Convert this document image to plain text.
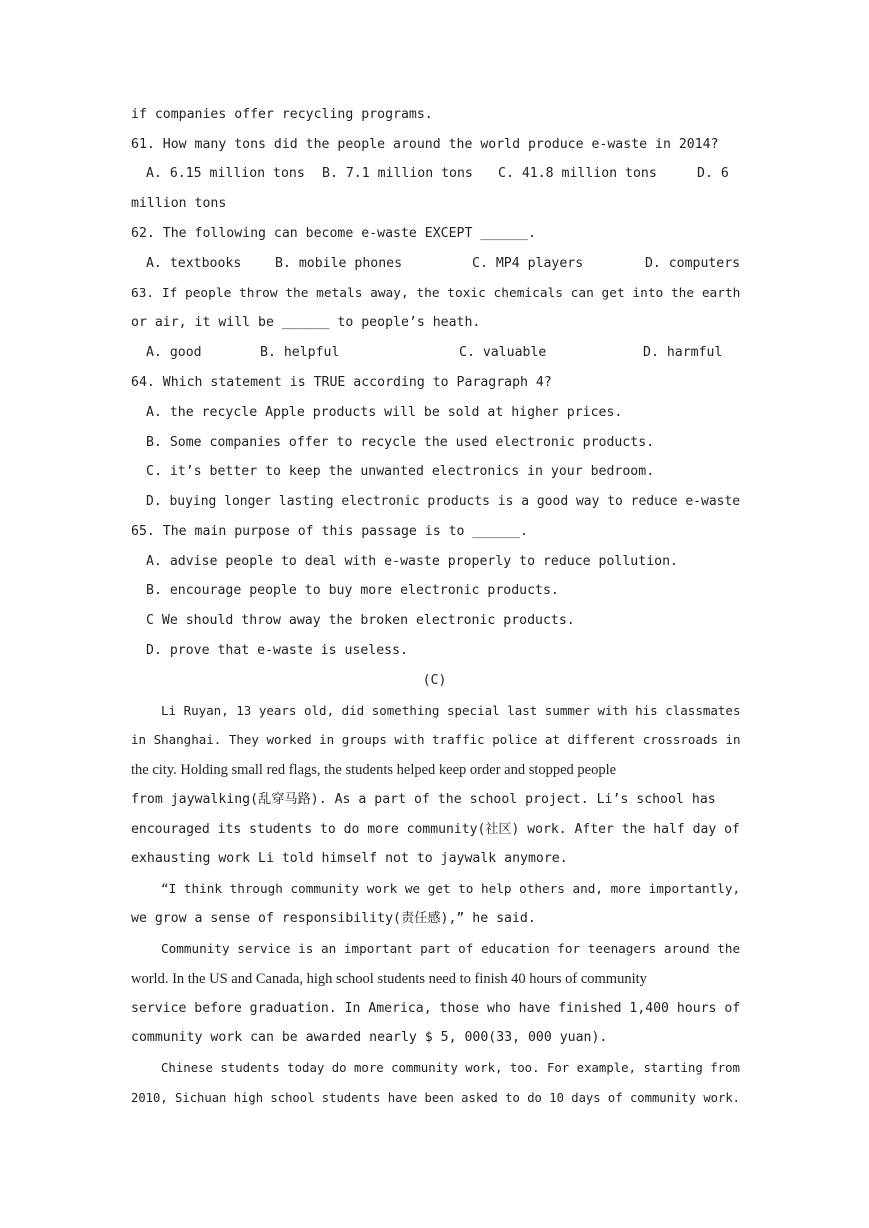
if companies offer recycling programs.
61. How many tons did the people around the world produce e-waste in 2014?
A. 6.15 million tons B. 7.1 million tons C. 41.8 million tons	D. 6
million tons
62. The following can become e-waste EXCEPT ______.
A. textbooks	B. mobile phones	C. MP4 players	D. computers
63. If people throw the metals away, the toxic chemicals can get into the earth
or air, it will be ______ to people’s heath.
A. good	B. helpful	C. valuable	D. harmful
64. Which statement is TRUE according to Paragraph 4?
A. the recycle Apple products will be sold at higher prices.
B. Some companies offer to recycle the used electronic products.
C. it’s better to keep the unwanted electronics in your bedroom.
D. buying longer lasting electronic products is a good way to reduce e-waste
65. The main purpose of this passage is to ______.
A. advise people to deal with e-waste properly to reduce pollution.
B. encourage people to buy more electronic products.
C We should throw away the broken electronic products.
D. prove that e-waste is useless.
(C)
Li Ruyan, 13 years old, did something special last summer with his classmates
in Shanghai. They worked in groups with traffic police at different crossroads in
the city. Holding small red flags, the students helped keep order and stopped people
from jaywalking(乱穿马路). As a part of the school project. Li’s school has
encouraged its students to do more community(社区) work. After the half day of
exhausting work Li told himself not to jaywalk anymore.
“I think through community work we get to help others and, more importantly,
we grow a sense of responsibility(责任感),” he said.
Community service is an important part of education for teenagers around the
world. In the US and Canada, high school students need to finish 40 hours of community
service before graduation. In America, those who have finished 1,400 hours of
community work can be awarded nearly $ 5, 000(33, 000 yuan).
Chinese students today do more community work, too. For example, starting from
2010, Sichuan high school students have been asked to do 10 days of community work.
